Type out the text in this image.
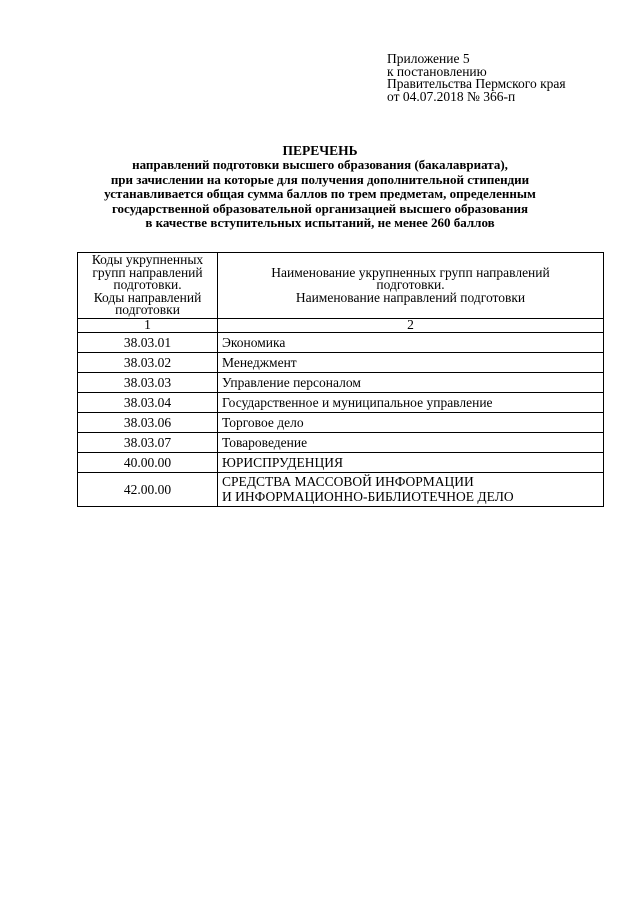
Приложение 5
к постановлению
Правительства Пермского края
от 04.07.2018 № 366-п
ПЕРЕЧЕНЬ
направлений подготовки высшего образования (бакалавриата),
при зачислении на которые для получения дополнительной стипендии
устанавливается общая сумма баллов по трем предметам, определенным
государственной образовательной организацией высшего образования
в качестве вступительных испытаний, не менее 260 баллов
Коды укрупненных
групп направлений
подготовки.
Коды направлений
подготовки	Наименование укрупненных групп направлений
подготовки.
Наименование направлений подготовки

1	2
38.03.01	Экономика
38.03.02	Менеджмент
38.03.03	Управление персоналом
38.03.04	Государственное и муниципальное управление
38.03.06	Торговое дело
38.03.07	Товароведение
40.00.00	ЮРИСПРУДЕНЦИЯ
42.00.00	СРЕДСТВА МАССОВОЙ ИНФОРМАЦИИ
И ИНФОРМАЦИОННО-БИБЛИОТЕЧНОЕ ДЕЛО
